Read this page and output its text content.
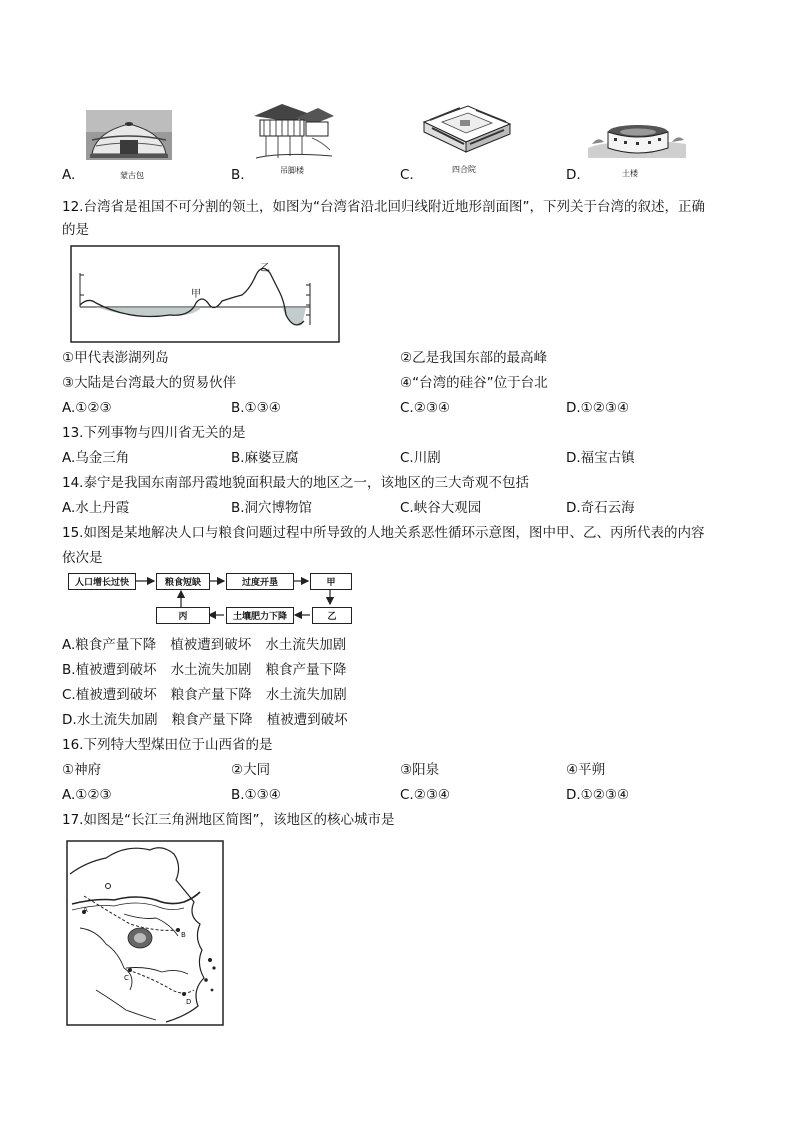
A.	蒙古包	B.	吊脚楼	C.	四合院	D.	土楼
12.台湾省是祖国不可分割的领土，如图为“台湾省沿北回归线附近地形剖面图”，下列关于台湾的叙述，正确
的是
甲
乙
①甲代表澎湖列岛	②乙是我国东部的最高峰
③大陆是台湾最大的贸易伙伴	④“台湾的硅谷”位于台北
A.①②③	B.①③④	C.②③④	D.①②③④
13.下列事物与四川省无关的是
A.乌金三角	B.麻婆豆腐	C.川剧	D.福宝古镇
14.泰宁是我国东南部丹霞地貌面积最大的地区之一，该地区的三大奇观不包括
A.水上丹霞	B.洞穴博物馆	C.峡谷大观园	D.奇石云海
15.如图是某地解决人口与粮食问题过程中所导致的人地关系恶性循环示意图，图中甲、乙、丙所代表的内容
依次是
人口增长过快	粮食短缺	过度开垦	甲
乙
土壤肥力下降
丙
A.粮食产量下降 植被遭到破坏 水土流失加剧
B.植被遭到破坏 水土流失加剧 粮食产量下降
C.植被遭到破坏 粮食产量下降 水土流失加剧
D.水土流失加剧 粮食产量下降 植被遭到破坏
16.下列特大型煤田位于山西省的是
①神府	②大同	③阳泉	④平朔
A.①②③	B.①③④	C.②③④	D.①②③④
17.如图是“长江三角洲地区简图”，该地区的核心城市是
A
B
C
D
